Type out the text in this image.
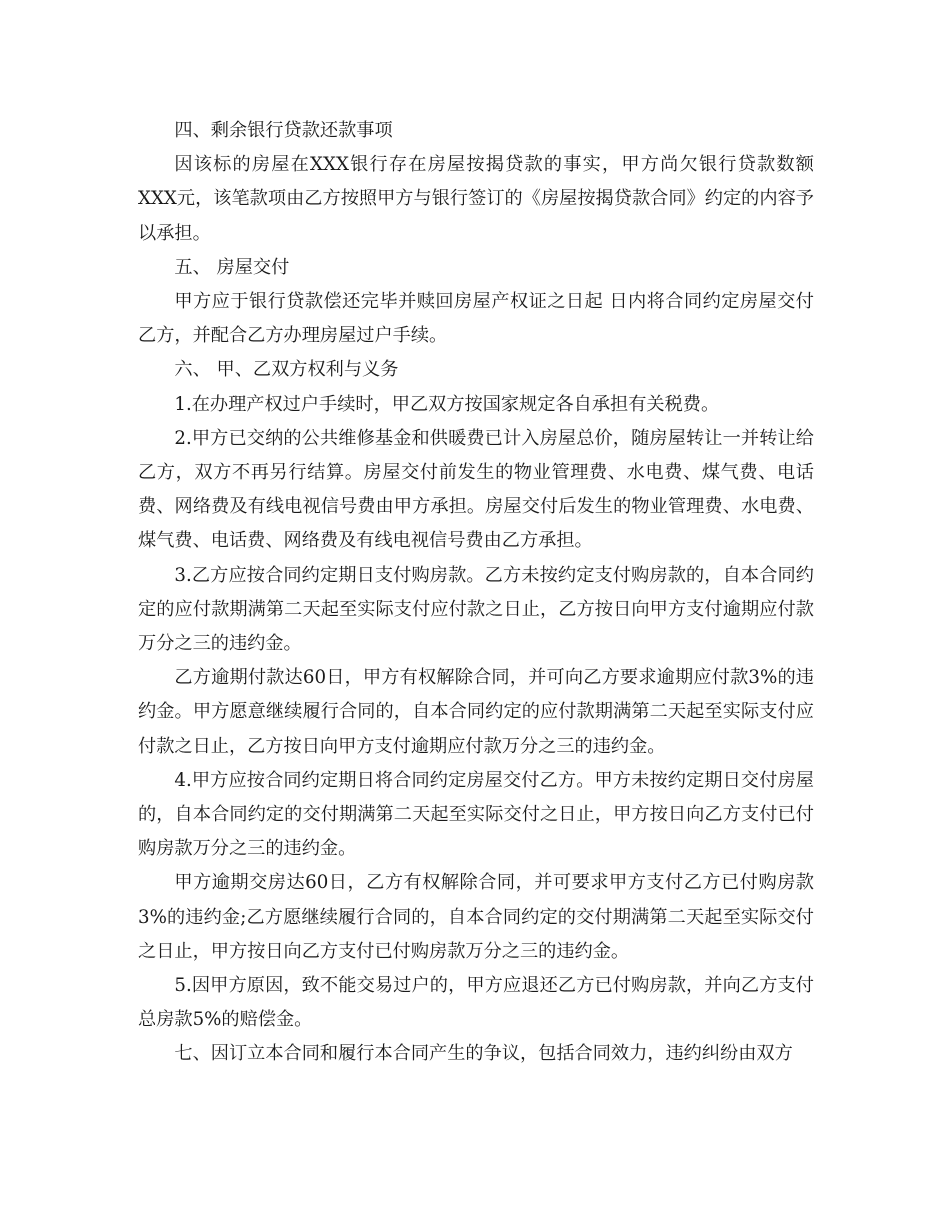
四、剩余银行贷款还款事项

因该标的房屋在XXX银行存在房屋按揭贷款的事实，甲方尚欠银行贷款数额XXX元，该笔款项由乙方按照甲方与银行签订的《房屋按揭贷款合同》约定的内容予以承担。

五、 房屋交付

甲方应于银行贷款偿还完毕并赎回房屋产权证之日起 日内将合同约定房屋交付乙方，并配合乙方办理房屋过户手续。

六、 甲、乙双方权利与义务

1.在办理产权过户手续时，甲乙双方按国家规定各自承担有关税费。

2.甲方已交纳的公共维修基金和供暖费已计入房屋总价，随房屋转让一并转让给乙方，双方不再另行结算。房屋交付前发生的物业管理费、水电费、煤气费、电话费、网络费及有线电视信号费由甲方承担。房屋交付后发生的物业管理费、水电费、煤气费、电话费、网络费及有线电视信号费由乙方承担。

3.乙方应按合同约定期日支付购房款。乙方未按约定支付购房款的，自本合同约定的应付款期满第二天起至实际支付应付款之日止，乙方按日向甲方支付逾期应付款万分之三的违约金。

乙方逾期付款达60日，甲方有权解除合同，并可向乙方要求逾期应付款3%的违约金。甲方愿意继续履行合同的，自本合同约定的应付款期满第二天起至实际支付应付款之日止，乙方按日向甲方支付逾期应付款万分之三的违约金。

4.甲方应按合同约定期日将合同约定房屋交付乙方。甲方未按约定期日交付房屋的，自本合同约定的交付期满第二天起至实际交付之日止，甲方按日向乙方支付已付购房款万分之三的违约金。

甲方逾期交房达60日，乙方有权解除合同，并可要求甲方支付乙方已付购房款3%的违约金;乙方愿继续履行合同的，自本合同约定的交付期满第二天起至实际交付之日止，甲方按日向乙方支付已付购房款万分之三的违约金。

5.因甲方原因，致不能交易过户的，甲方应退还乙方已付购房款，并向乙方支付总房款5%的赔偿金。

七、因订立本合同和履行本合同产生的争议，包括合同效力，违约纠纷由双方
